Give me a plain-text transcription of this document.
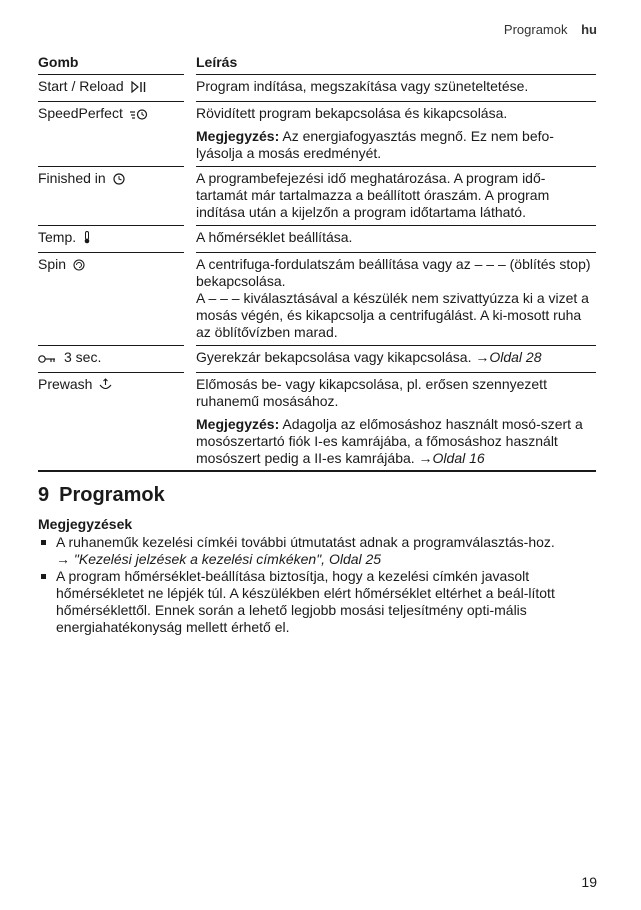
Programok hu
Gomb	Leírás
Start / Reload	Program indítása, megszakítása vagy szüneteltetése.

SpeedPerfect	Rövidített program bekapcsolása és kikapcsolása.

Megjegyzés: Az energiafogyasztás megnő. Ez nem befo-lyásolja a mosás eredményét.

Finished in	A programbefejezési idő meghatározása. A program idő-tartamát már tartalmazza a beállított óraszám. A program indítása után a kijelzőn a program időtartama látható.

Temp.	A hőmérséklet beállítása.

Spin	A centrifuga-fordulatszám beállítása vagy az – – – (öblítés stop) bekapcsolása.

A – – – kiválasztásával a készülék nem szivattyúzza ki a vizet a mosás végén, és kikapcsolja a centrifugálást. A ki-mosott ruha az öblítővízben marad.

3 sec.	Gyerekzár bekapcsolása vagy kikapcsolása. →Oldal 28

Prewash	Előmosás be- vagy kikapcsolása, pl. erősen szennyezett ruhanemű mosásához.

Megjegyzés: Adagolja az előmosáshoz használt mosó-szert a mosószertartó fiók I-es kamrájába, a főmosáshoz használt mosószert pedig a II-es kamrájába. →Oldal 16

9 Programok

Megjegyzések

A ruhaneműk kezelési címkéi további útmutatást adnak a programválasztás-hoz.
→ "Kezelési jelzések a kezelési címkéken", Oldal 25
A program hőmérséklet-beállítása biztosítja, hogy a kezelési címkén javasolt hőmérsékletet ne lépjék túl. A készülékben elért hőmérséklet eltérhet a beál-lított hőmérséklettől. Ennek során a lehető legjobb mosási teljesítmény opti-mális energiahatékonyság mellett érhető el.
19
